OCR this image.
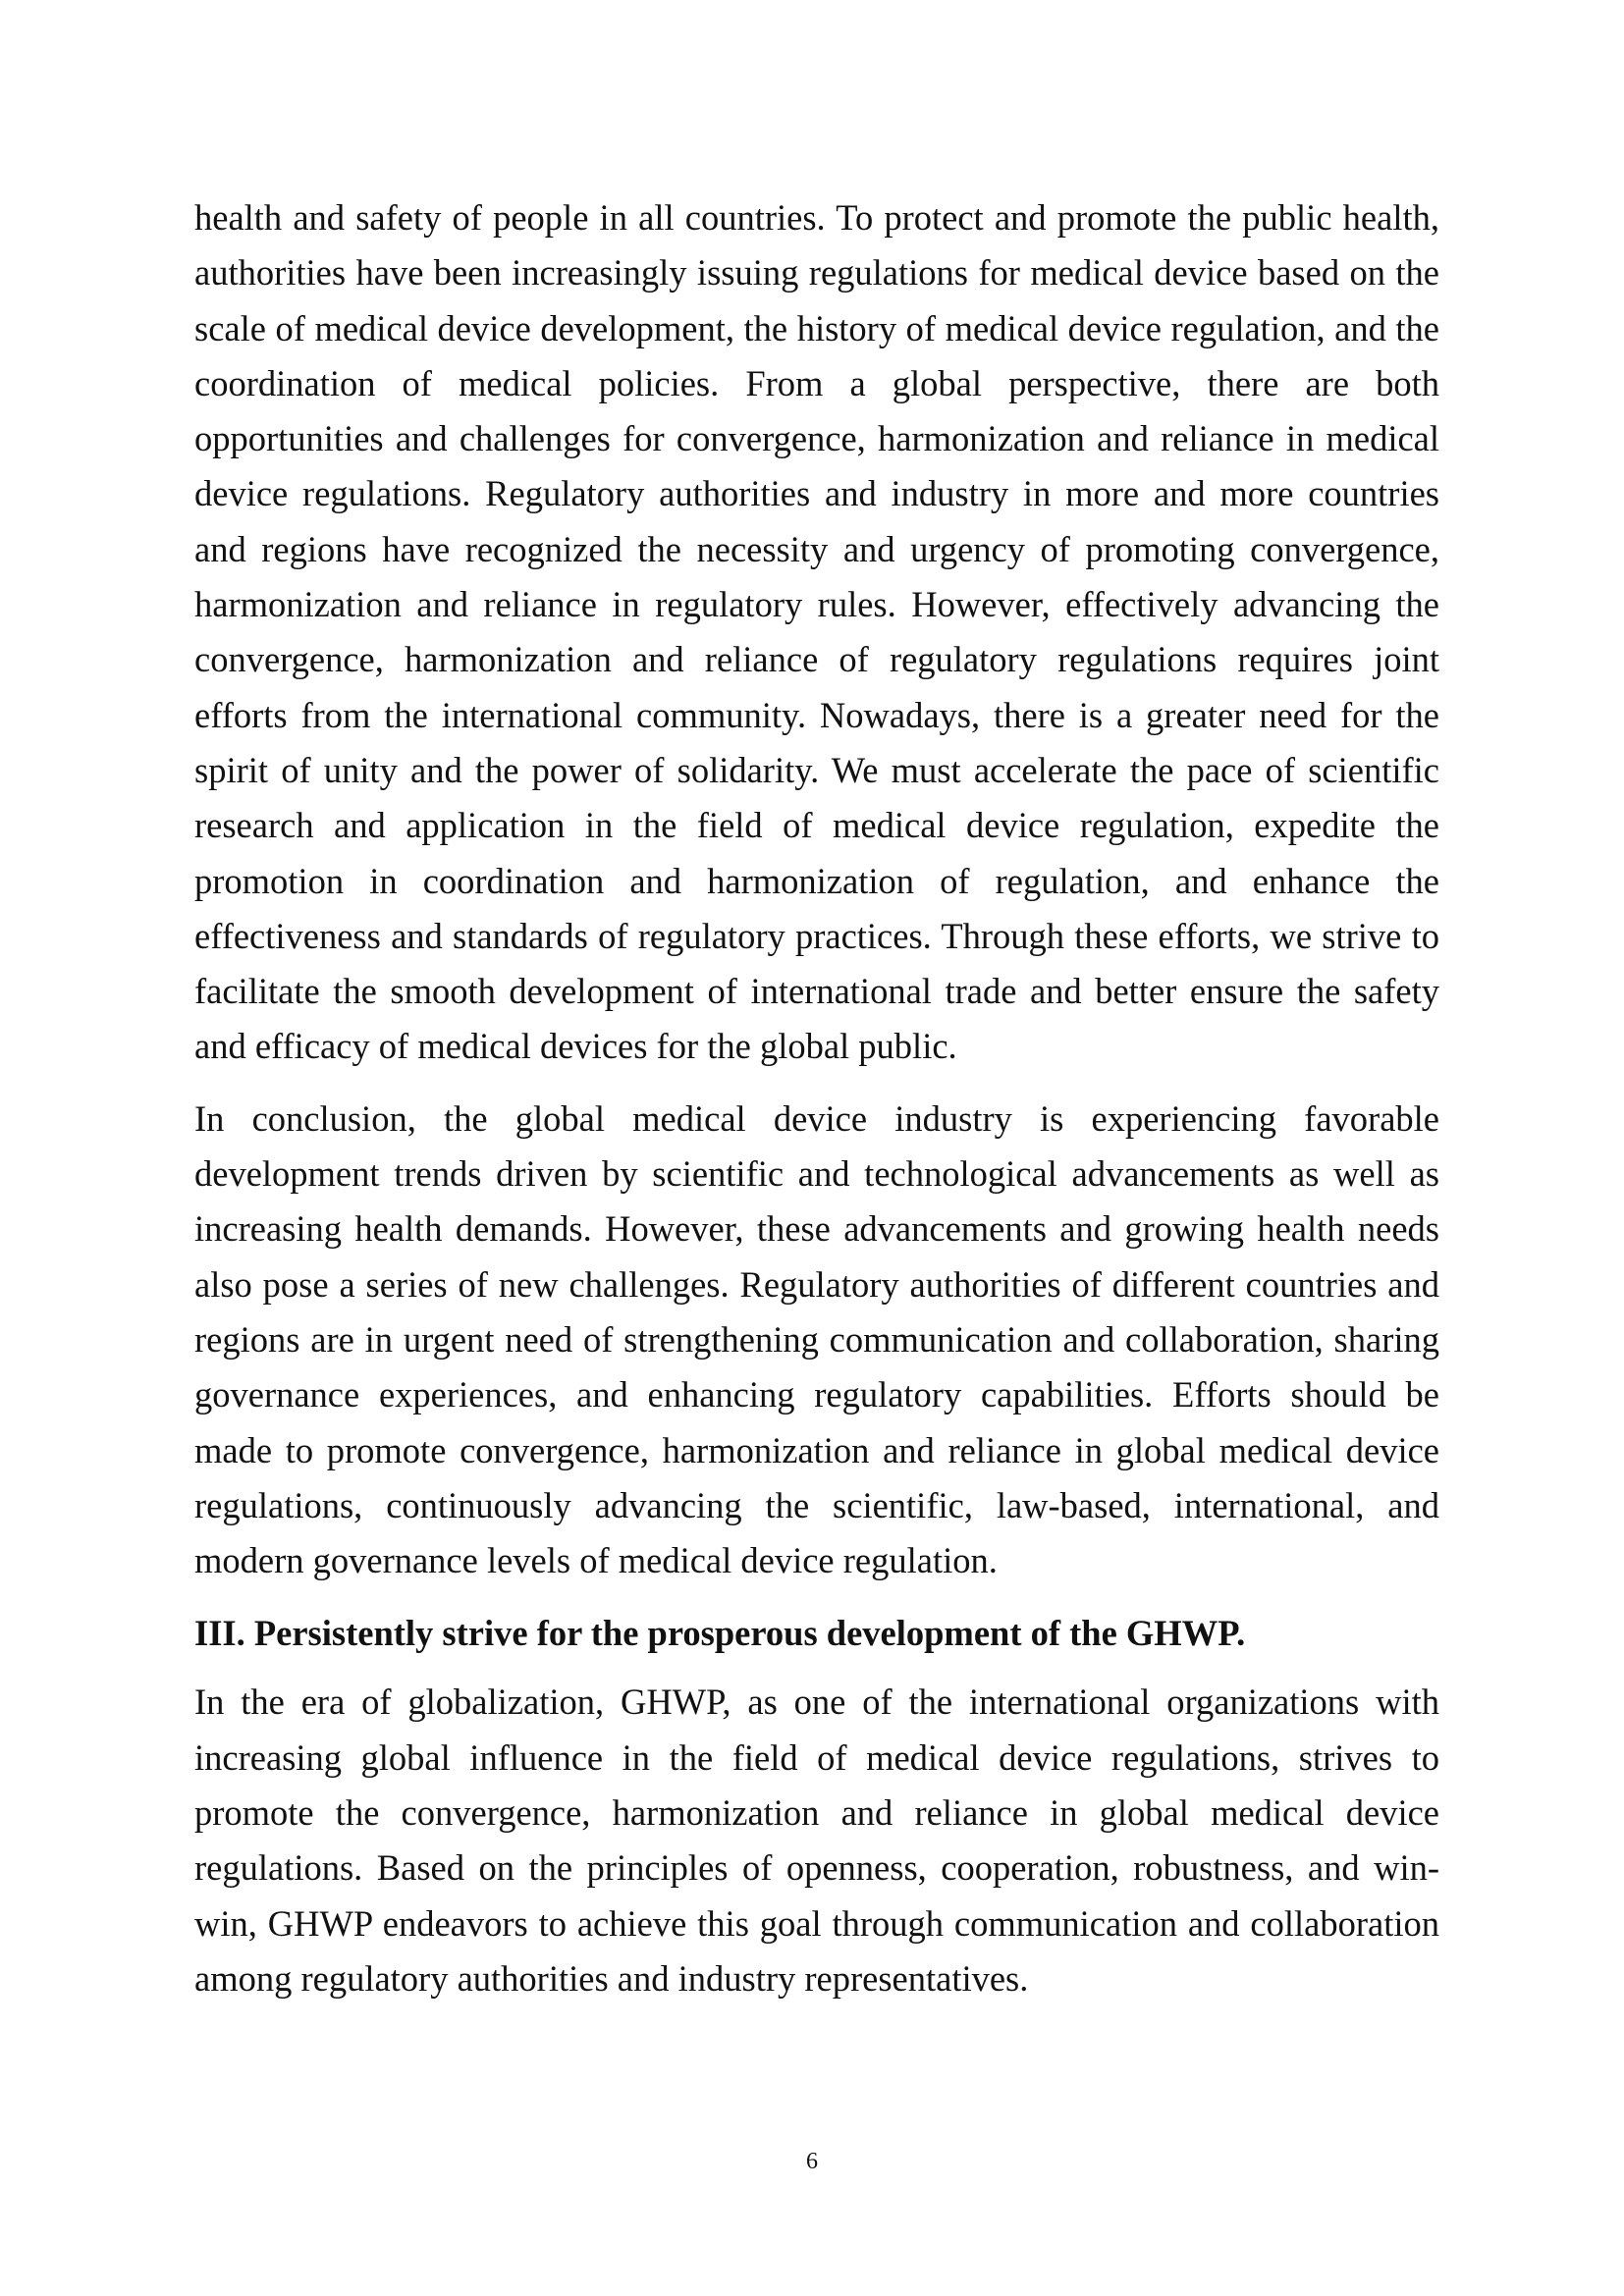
health and safety of people in all countries. To protect and promote the public health, authorities have been increasingly issuing regulations for medical device based on the scale of medical device development, the history of medical device regulation, and the coordination of medical policies. From a global perspective, there are both opportunities and challenges for convergence, harmonization and reliance in medical device regulations. Regulatory authorities and industry in more and more countries and regions have recognized the necessity and urgency of promoting convergence, harmonization and reliance in regulatory rules. However, effectively advancing the convergence, harmonization and reliance of regulatory regulations requires joint efforts from the international community. Nowadays, there is a greater need for the spirit of unity and the power of solidarity. We must accelerate the pace of scientific research and application in the field of medical device regulation, expedite the promotion in coordination and harmonization of regulation, and enhance the effectiveness and standards of regulatory practices. Through these efforts, we strive to facilitate the smooth development of international trade and better ensure the safety and efficacy of medical devices for the global public.

In conclusion, the global medical device industry is experiencing favorable development trends driven by scientific and technological advancements as well as increasing health demands. However, these advancements and growing health needs also pose a series of new challenges. Regulatory authorities of different countries and regions are in urgent need of strengthening communication and collaboration, sharing governance experiences, and enhancing regulatory capabilities. Efforts should be made to promote convergence, harmonization and reliance in global medical device regulations, continuously advancing the scientific, law-based, international, and modern governance levels of medical device regulation.

III. Persistently strive for the prosperous development of the GHWP.

In the era of globalization, GHWP, as one of the international organizations with increasing global influence in the field of medical device regulations, strives to promote the convergence, harmonization and reliance in global medical device regulations. Based on the principles of openness, cooperation, robustness, and win-win, GHWP endeavors to achieve this goal through communication and collaboration among regulatory authorities and industry representatives.

6
